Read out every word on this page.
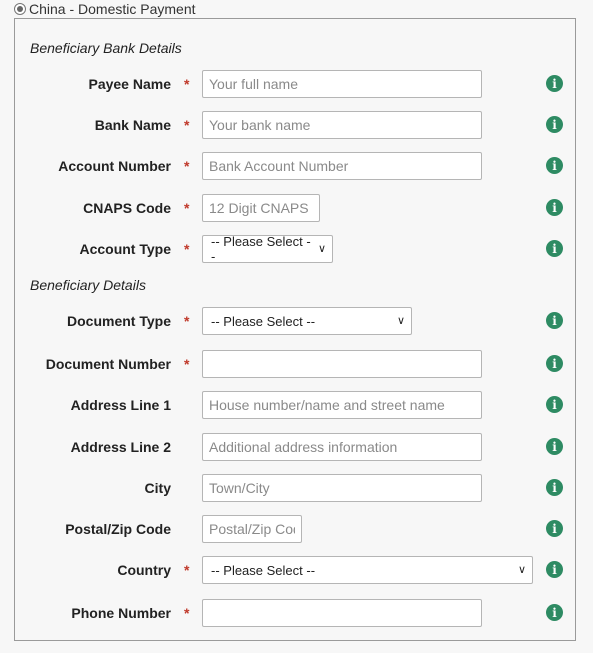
China - Domestic Payment
Beneficiary Bank Details
Payee Name *
Your full name	i
Bank Name *
Your bank name	i
Account Number *
Bank Account Number	i
CNAPS Code *
12 Digit CNAPS	i
Account Type * -- Please Select --
∨	i
Beneficiary Details
Document Type * -- Please Select --	∨	i
Document Number *	i
Address Line 1
House number/name and street name	i
Address Line 2
Additional address information	i
City
Town/City	i
Postal/Zip Code
Postal/Zip Code	i
Country * -- Please Select --	∨	i
Phone Number *	i
